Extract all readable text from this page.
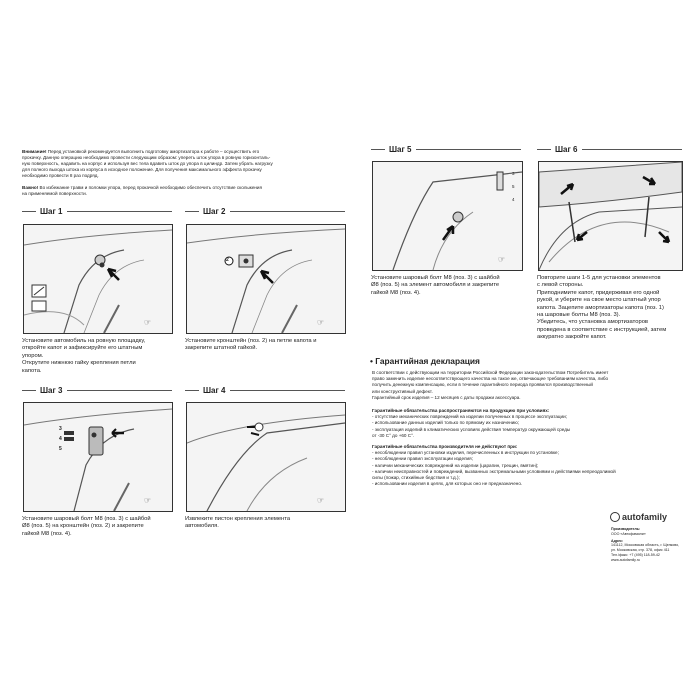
Внимание! Перед установкой рекомендуется выполнить подготовку амортизатора к работе – осуществить его
прокачку. Данную операцию необходимо провести следующим образом: упереть шток упора в ровную горизонталь-
ную поверхность, надавить на корпус и используя вес тела вдавить шток до упора в цилиндр. Затем убрать нагрузку
для полного выхода штока из корпуса в исходное положение. Для получения максимального эффекта прокачку
необходимо провести 8 раз подряд.
Важно! Во избежание травм и поломки упора, перед прокачкой необходимо обеспечить отсутствие скольжения
на применяемой поверхности.
Шаг 1
☞
Установите автомобиль на ровную площадку,
откройте капот и зафиксируйте его штатным
упором.
Открутите нижнюю гайку крепления петли
капота.
Шаг 2
☞
2
Установите кронштейн (поз. 2) на петле капота и
закрепите штатной гайкой.
Шаг 3
☞
3
4
5
Установите шаровый болт М8 (поз. 3) с шайбой
Ø8 (поз. 5) на кронштейн (поз. 2) и закрепите
гайкой М8 (поз. 4).
Шаг 4
☞
Извлеките пистон крепления элемента
автомобиля.
Шаг 5
☞
3
5
4
Установите шаровый болт М8 (поз. 3) с шайбой
Ø8 (поз. 5) на элемент автомобиля и закрепите
гайкой М8 (поз. 4).
Шаг 6
Повторите шаги 1-5 для установки элементов
с левой стороны.
Приподнимите капот, придерживая его одной
рукой, и уберите на свое место штатный упор
капота. Зацепите амортизаторы капота (поз. 1)
на шаровые болты М8 (поз. 3).
Убедитесь, что установка амортизаторов
проведена в соответствие с инструкцией, затем
аккуратно закройте капот.
• Гарантийная декларация
В соответствии с действующим на территории Российской Федерации законодательством Потребитель имеет
право заменить изделие несоответствующего качества на такое же, отвечающее требованиям качества, либо
получить денежную компенсацию, если в течение гарантийного периода проявился производственный
или конструктивный дефект.
Гарантийный срок изделия – 12 месяцев с даты продажи аксессуара.
Гарантийные обязательства распространяются на продукцию при условиях:
- отсутствие механических повреждений на изделии полученных в процессе эксплуатации;
- использование данных изделий только по прямому их назначению;
- эксплуатация изделий в климатических условиях действия температур окружающей среды
от -30 С° до +60 С°.
Гарантийные обязательства производителя не действуют при:
- несоблюдении правил установки изделия, перечисленных в инструкции по установке;
- несоблюдении правил эксплуатации изделия;
- наличии механических повреждений на изделии (царапин, трещин, вмятин);
- наличии неисправностей и повреждений, вызванных экстремальными условиями и действиями непреодолимой
силы (пожар, стихийные бедствия и т.д.);
- использовании изделия в целях, для которых оно не предназначено.
autofamily
Производитель:
ООО «Автофамили»
Адрес:
141112, Московская область, г. Щелково,
ул. Московская, стр. 378, офис 411
Тел./факс: +7 (495) 118-59-42
www.autofamily.ru
